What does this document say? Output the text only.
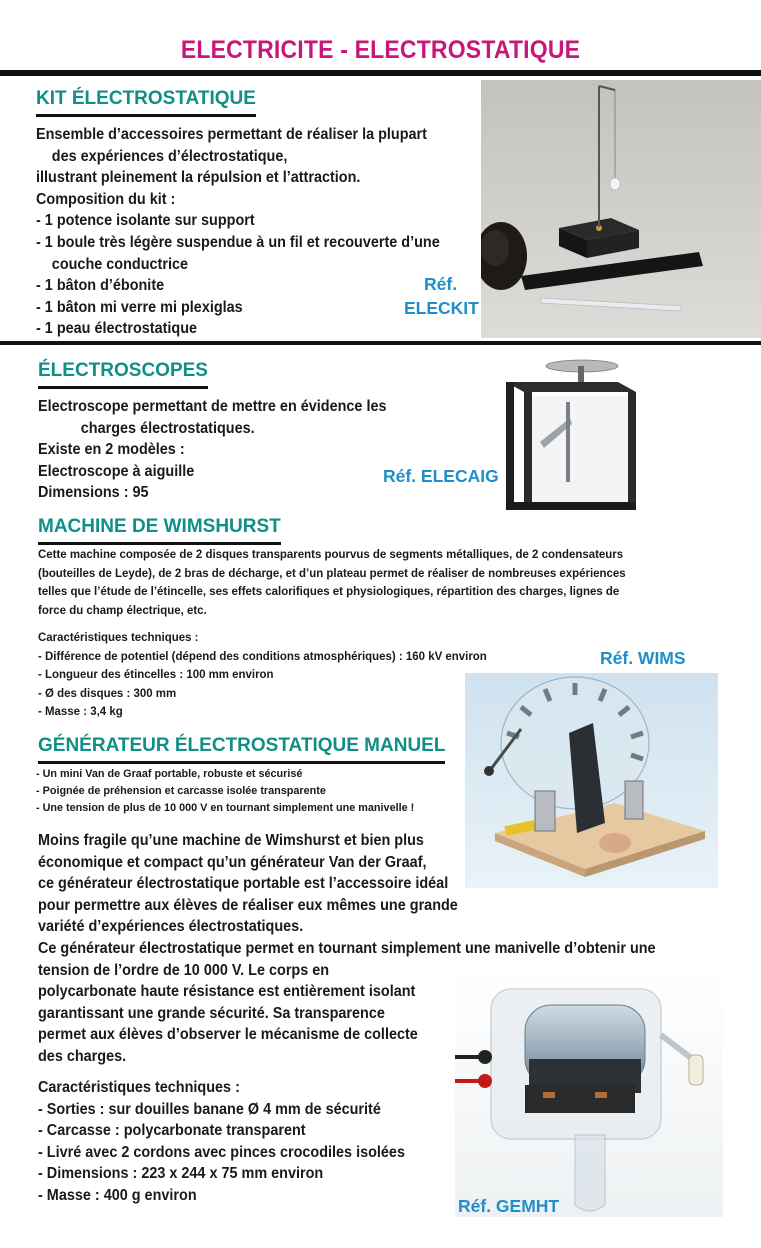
ELECTRICITE - ELECTROSTATIQUE
KIT ÉLECTROSTATIQUE
Ensemble d’accessoires permettant de réaliser la plupart
des expériences d’électrostatique,
illustrant pleinement la répulsion et l’attraction.
Composition du kit :
- 1 potence isolante sur support
- 1 boule très légère suspendue à un fil et recouverte d’une
couche conductrice
- 1 bâton d’ébonite
- 1 bâton mi verre mi plexiglas
- 1 peau électrostatique
Réf.
ELECKIT
ÉLECTROSCOPES
Electroscope permettant de mettre en évidence les
charges électrostatiques.
Existe en 2 modèles :
Electroscope à aiguille
Dimensions : 95
Réf. ELECAIG
MACHINE DE WIMSHURST
Cette machine composée de 2 disques transparents pourvus de segments métalliques, de 2 condensateurs
(bouteilles de Leyde), de 2 bras de décharge, et d’un plateau permet de réaliser de nombreuses expériences
telles que l’étude de l’étincelle, ses effets calorifiques et physiologiques, répartition des charges, lignes de
force du champ électrique, etc.
Caractéristiques techniques :
- Différence de potentiel (dépend des conditions atmosphériques) : 160 kV environ
- Longueur des étincelles : 100 mm environ
- Ø des disques : 300 mm
- Masse : 3,4 kg
Réf. WIMS
GÉNÉRATEUR ÉLECTROSTATIQUE MANUEL
- Un mini Van de Graaf portable, robuste et sécurisé
- Poignée de préhension et carcasse isolée transparente
- Une tension de plus de 10 000 V en tournant simplement une manivelle !
Moins fragile qu’une machine de Wimshurst et bien plus
économique et compact qu’un générateur Van der Graaf,
ce générateur électrostatique portable est l’accessoire idéal
pour permettre aux élèves de réaliser eux mêmes une grande
variété d’expériences électrostatiques.
Ce générateur électrostatique permet en tournant simplement une manivelle d’obtenir une
tension de l’ordre de 10 000 V. Le corps en
polycarbonate haute résistance est entièrement isolant
garantissant une grande sécurité. Sa transparence
permet aux élèves d’observer le mécanisme de collecte
des charges.
Caractéristiques techniques :
- Sorties : sur douilles banane Ø 4 mm de sécurité
- Carcasse : polycarbonate transparent
- Livré avec 2 cordons avec pinces crocodiles isolées
- Dimensions : 223 x 244 x 75 mm environ
- Masse : 400 g environ
Réf. GEMHT
